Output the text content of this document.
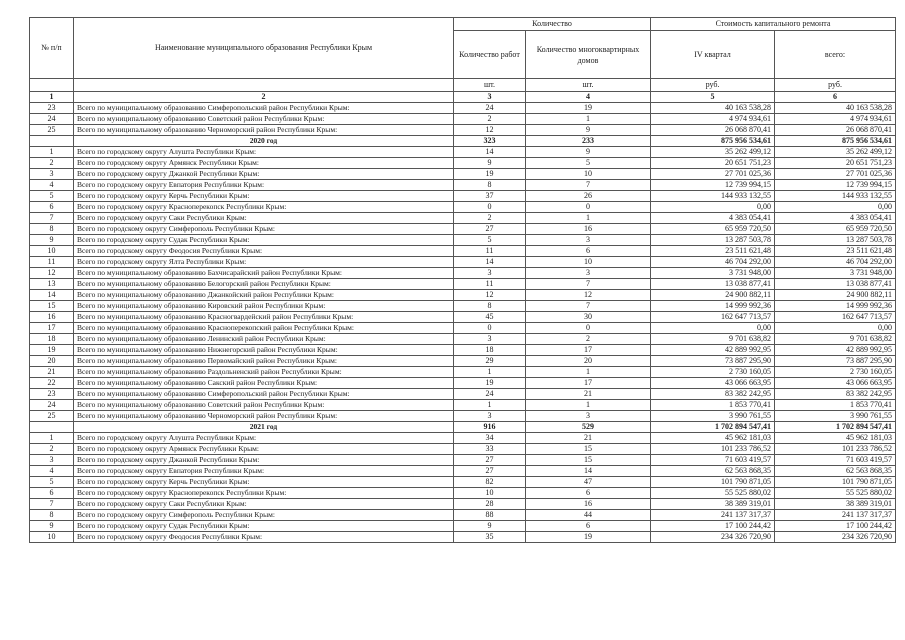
№ п/п	Наименование муниципального образования Республики Крым	Количество		Стоимость капитального ремонта	
		Количество работ	Количество многоквартирных домов	IV квартал	всего:
		шт.	шт.	руб.	руб.
1	2	3	4	5	6
23	Всего по муниципальному образованию Симферопольский район Республики Крым:	24	19	40 163 538,28	40 163 538,28
24	Всего по муниципальному образованию Советский район Республики Крым:	2	1	4 974 934,61	4 974 934,61
25	Всего по муниципальному образованию Черноморский район Республики Крым:	12	9	26 068 870,41	26 068 870,41
	2020 год	323	233	875 956 534,61	875 956 534,61
1	Всего по городскому округу Алушта Республики Крым:	14	9	35 262 499,12	35 262 499,12
2	Всего по городскому округу Армянск Республики Крым:	9	5	20 651 751,23	20 651 751,23
3	Всего по городскому округу Джанкой Республики Крым:	19	10	27 701 025,36	27 701 025,36
4	Всего по городскому округу Евпатория Республики Крым:	8	7	12 739 994,15	12 739 994,15
5	Всего по городскому округу Керчь Республики Крым:	37	26	144 933 132,55	144 933 132,55
6	Всего по городскому округу Красноперекопск Республики Крым:	0	0	0,00	0,00
7	Всего по городскому округу Саки Республики Крым:	2	1	4 383 054,41	4 383 054,41
8	Всего по городскому округу Симферополь Республики Крым:	27	16	65 959 720,50	65 959 720,50
9	Всего по городскому округу Судак Республики Крым:	5	3	13 287 503,78	13 287 503,78
10	Всего по городскому округу Феодосия Республики Крым:	11	6	23 511 621,48	23 511 621,48
11	Всего по городскому округу Ялта Республики Крым:	14	10	46 704 292,00	46 704 292,00
12	Всего по муниципальному образованию Бахчисарайский район Республики Крым:	3	3	3 731 948,00	3 731 948,00
13	Всего по муниципальному образованию Белогорский район Республики Крым:	11	7	13 038 877,41	13 038 877,41
14	Всего по муниципальному образованию Джанкойский район Республики Крым:	12	12	24 900 882,11	24 900 882,11
15	Всего по муниципальному образованию Кировский район Республики Крым:	8	7	14 999 992,36	14 999 992,36
16	Всего по муниципальному образованию Красногвардейский район Республики Крым:	45	30	162 647 713,57	162 647 713,57
17	Всего по муниципальному образованию Красноперекопский район Республики Крым:	0	0	0,00	0,00
18	Всего по муниципальному образованию Ленинский район Республики Крым:	3	2	9 701 638,82	9 701 638,82
19	Всего по муниципальному образованию Нижнегорский район Республики Крым:	18	17	42 889 992,95	42 889 992,95
20	Всего по муниципальному образованию Первомайский район Республики Крым:	29	20	73 887 295,90	73 887 295,90
21	Всего по муниципальному образованию Раздольненский район Республики Крым:	1	1	2 730 160,05	2 730 160,05
22	Всего по муниципальному образованию Сакский район Республики Крым:	19	17	43 066 663,95	43 066 663,95
23	Всего по муниципальному образованию Симферопольский район Республики Крым:	24	21	83 382 242,95	83 382 242,95
24	Всего по муниципальному образованию Советский район Республики Крым:	1	1	1 853 770,41	1 853 770,41
25	Всего по муниципальному образованию Черноморский район Республики Крым:	3	3	3 990 761,55	3 990 761,55
	2021 год	916	529	1 702 894 547,41	1 702 894 547,41
1	Всего по городскому округу Алушта Республики Крым:	34	21	45 962 181,03	45 962 181,03
2	Всего по городскому округу Армянск Республики Крым:	33	15	101 233 786,52	101 233 786,52
3	Всего по городскому округу Джанкой Республики Крым:	27	15	71 603 419,57	71 603 419,57
4	Всего по городскому округу Евпатория Республики Крым:	27	14	62 563 868,35	62 563 868,35
5	Всего по городскому округу Керчь Республики Крым:	82	47	101 790 871,05	101 790 871,05
6	Всего по городскому округу Красноперекопск Республики Крым:	10	6	55 525 880,02	55 525 880,02
7	Всего по городскому округу Саки Республики Крым:	28	16	38 389 319,01	38 389 319,01
8	Всего по городскому округу Симферополь Республики Крым:	88	44	241 137 317,37	241 137 317,37
9	Всего по городскому округу Судак Республики Крым:	9	6	17 100 244,42	17 100 244,42
10	Всего по городскому округу Феодосия Республики Крым:	35	19	234 326 720,90	234 326 720,90
